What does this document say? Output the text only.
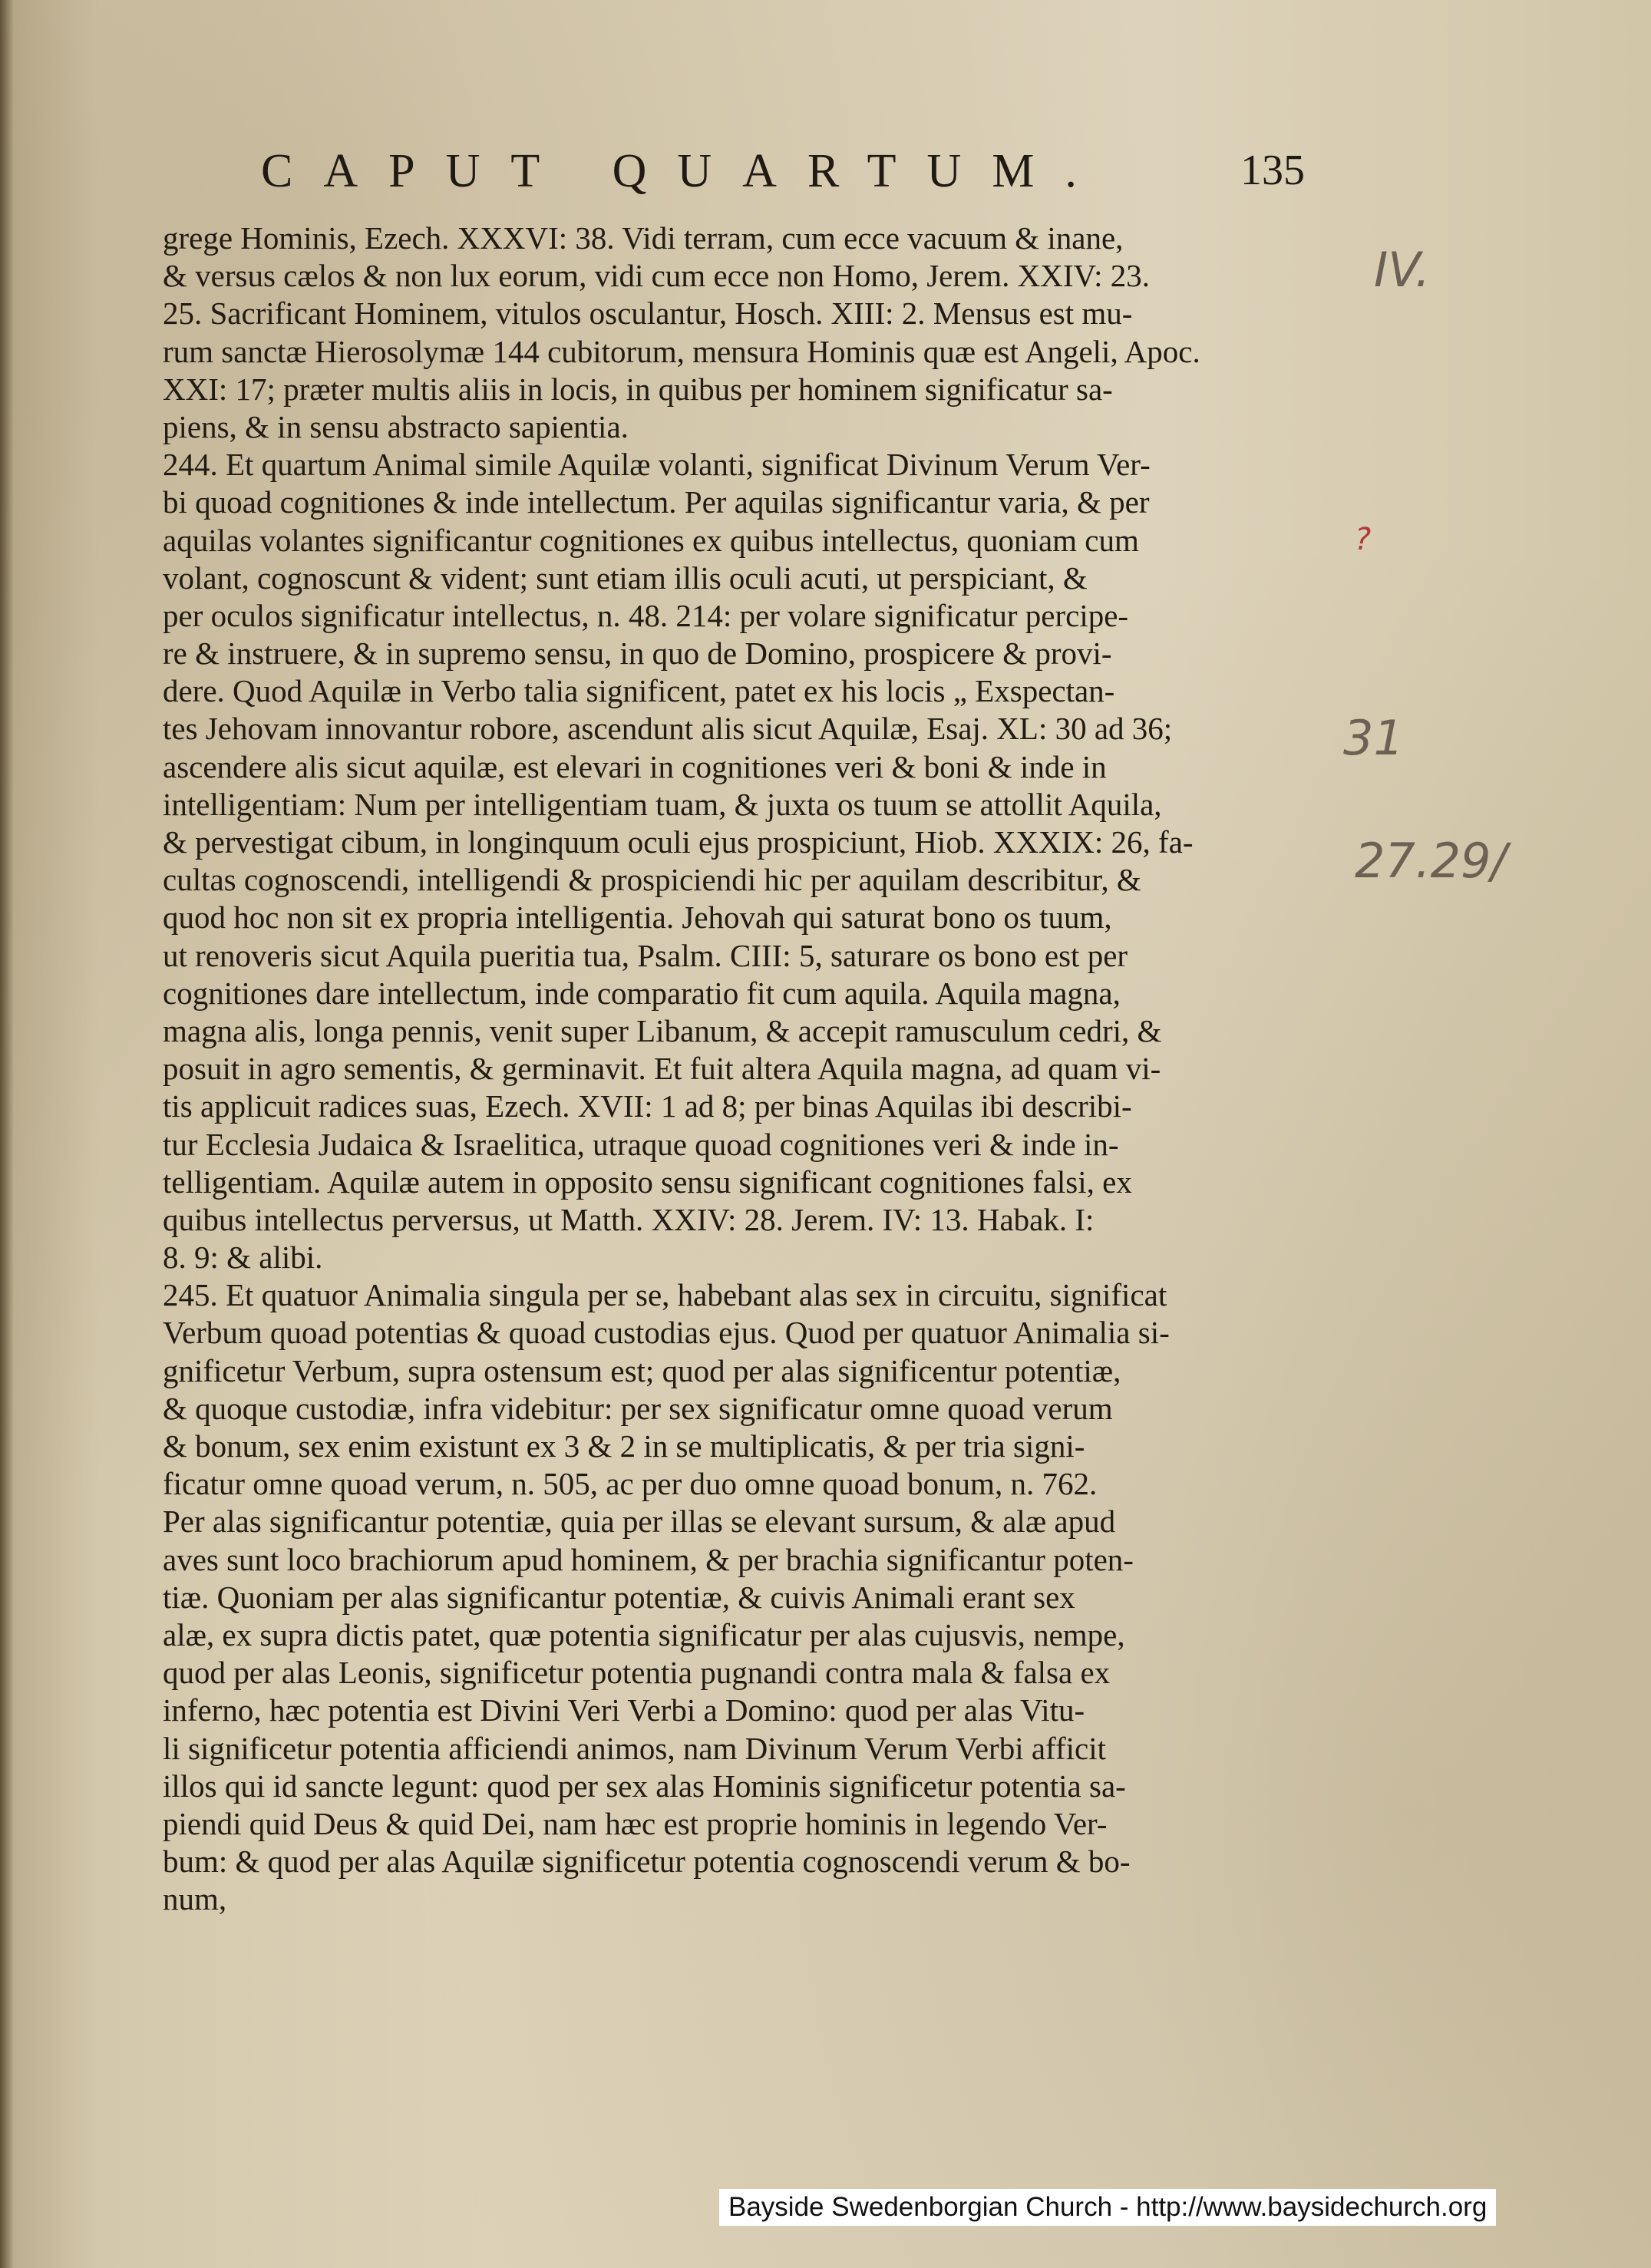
CAPUT QUARTUM.	135
grege Hominis, Ezech. XXXVI: 38. Vidi terram, cum ecce vacuum & inane,
& versus cælos & non lux eorum, vidi cum ecce non Homo, Jerem. XXIV: 23.
25. Sacrificant Hominem, vitulos osculantur, Hosch. XIII: 2. Mensus est mu-
rum sanctæ Hierosolymæ 144 cubitorum, mensura Hominis quæ est Angeli, Apoc.
XXI: 17; præter multis aliis in locis, in quibus per hominem significatur sa-
piens, & in sensu abstracto sapientia.
244. Et quartum Animal simile Aquilæ volanti, significat Divinum Verum Ver-
bi quoad cognitiones & inde intellectum. Per aquilas significantur varia, & per
aquilas volantes significantur cognitiones ex quibus intellectus, quoniam cum
volant, cognoscunt & vident; sunt etiam illis oculi acuti, ut perspiciant, &
per oculos significatur intellectus, n. 48. 214: per volare significatur percipe-
re & instruere, & in supremo sensu, in quo de Domino, prospicere & provi-
dere. Quod Aquilæ in Verbo talia significent, patet ex his locis „ Exspectan-
tes Jehovam innovantur robore, ascendunt alis sicut Aquilæ, Esaj. XL: 30 ad 36;
ascendere alis sicut aquilæ, est elevari in cognitiones veri & boni & inde in
intelligentiam: Num per intelligentiam tuam, & juxta os tuum se attollit Aquila,
& pervestigat cibum, in longinquum oculi ejus prospiciunt, Hiob. XXXIX: 26, fa-
cultas cognoscendi, intelligendi & prospiciendi hic per aquilam describitur, &
quod hoc non sit ex propria intelligentia. Jehovah qui saturat bono os tuum,
ut renoveris sicut Aquila pueritia tua, Psalm. CIII: 5, saturare os bono est per
cognitiones dare intellectum, inde comparatio fit cum aquila. Aquila magna,
magna alis, longa pennis, venit super Libanum, & accepit ramusculum cedri, &
posuit in agro sementis, & germinavit. Et fuit altera Aquila magna, ad quam vi-
tis applicuit radices suas, Ezech. XVII: 1 ad 8; per binas Aquilas ibi describi-
tur Ecclesia Judaica & Israelitica, utraque quoad cognitiones veri & inde in-
telligentiam. Aquilæ autem in opposito sensu significant cognitiones falsi, ex
quibus intellectus perversus, ut Matth. XXIV: 28. Jerem. IV: 13. Habak. I:
8. 9: & alibi.
245. Et quatuor Animalia singula per se, habebant alas sex in circuitu, significat
Verbum quoad potentias & quoad custodias ejus. Quod per quatuor Animalia si-
gnificetur Verbum, supra ostensum est; quod per alas significentur potentiæ,
& quoque custodiæ, infra videbitur: per sex significatur omne quoad verum
& bonum, sex enim existunt ex 3 & 2 in se multiplicatis, & per tria signi-
ficatur omne quoad verum, n. 505, ac per duo omne quoad bonum, n. 762.
Per alas significantur potentiæ, quia per illas se elevant sursum, & alæ apud
aves sunt loco brachiorum apud hominem, & per brachia significantur poten-
tiæ. Quoniam per alas significantur potentiæ, & cuivis Animali erant sex
alæ, ex supra dictis patet, quæ potentia significatur per alas cujusvis, nempe,
quod per alas Leonis, significetur potentia pugnandi contra mala & falsa ex
inferno, hæc potentia est Divini Veri Verbi a Domino: quod per alas Vitu-
li significetur potentia afficiendi animos, nam Divinum Verum Verbi afficit
illos qui id sancte legunt: quod per sex alas Hominis significetur potentia sa-
piendi quid Deus & quid Dei, nam hæc est proprie hominis in legendo Ver-
bum: & quod per alas Aquilæ significetur potentia cognoscendi verum & bo-
num,
IV.
?
31
27.29/
Bayside Swedenborgian Church - http://www.baysidechurch.org
